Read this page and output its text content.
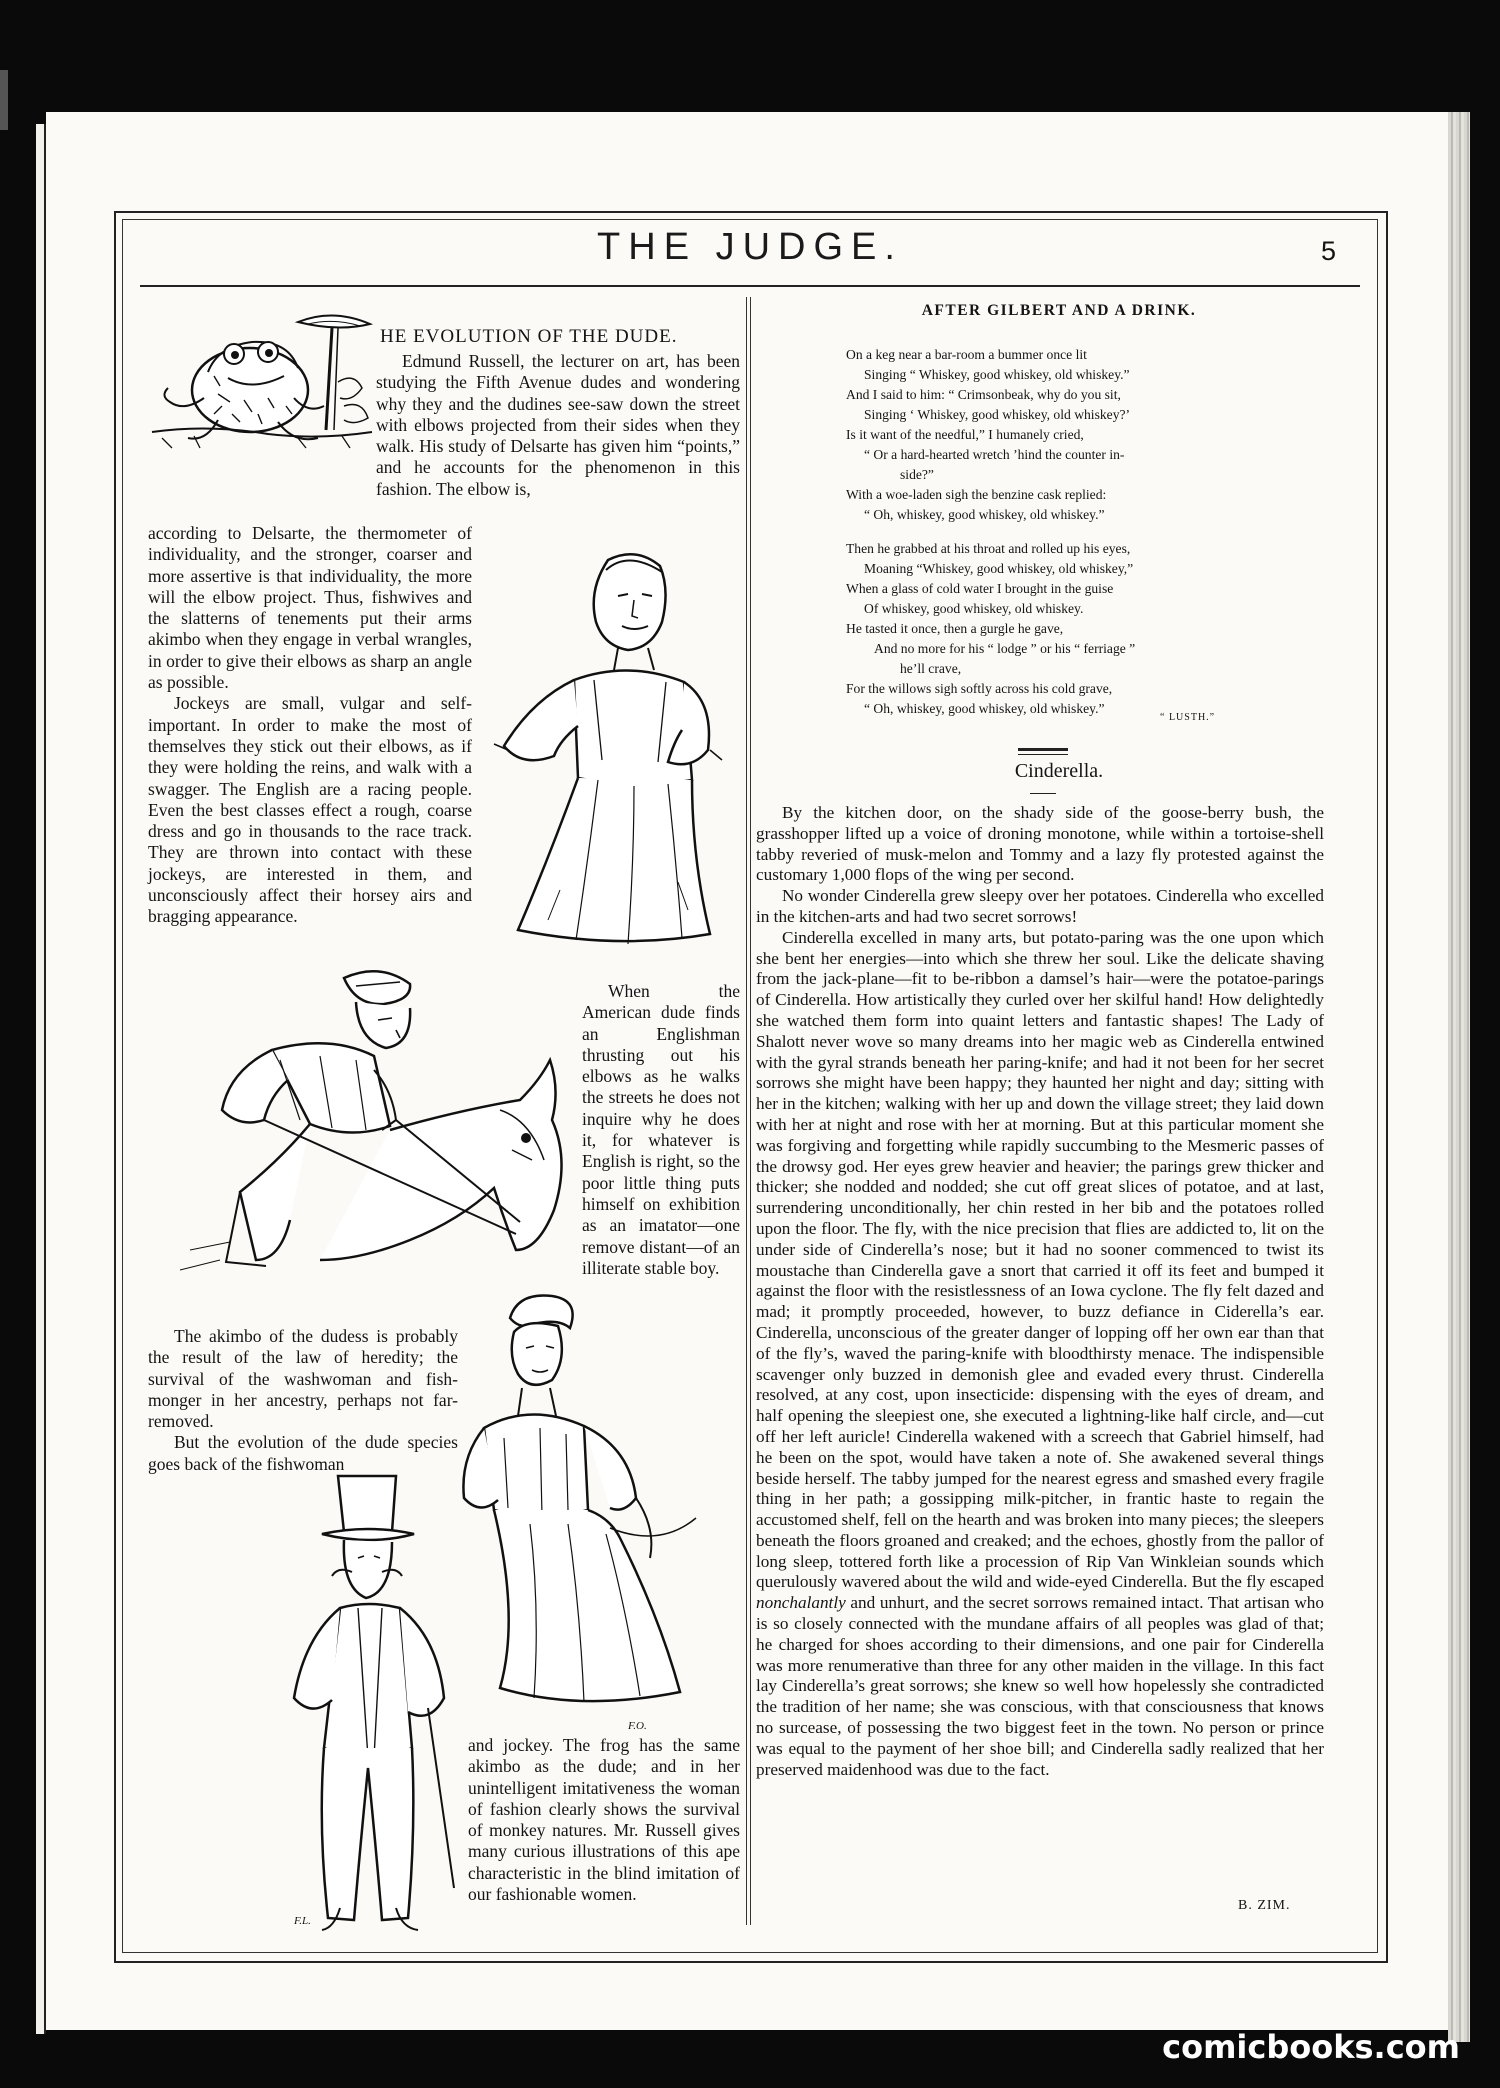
THE JUDGE.	5
HE EVOLUTION OF THE DUDE.

Edmund Russell, the lecturer on art, has been studying the Fifth Avenue dudes and wondering why they and the dudines see-saw down the street with elbows projected from their sides when they walk. His study of Delsarte has given him “points,” and he accounts for the phenomenon in this fashion. The elbow is,

according to Delsarte, the thermometer of individuality, and the stronger, coarser and more assertive is that individuality, the more will the elbow project. Thus, fishwives and the slatterns of tenements put their arms akimbo when they engage in verbal wrangles, in order to give their elbows as sharp an angle as possible.

Jockeys are small, vulgar and self-important. In order to make the most of themselves they stick out their elbows, as if they were holding the reins, and walk with a swagger. The English are a racing people. Even the best classes effect a rough, coarse dress and go in thousands to the race track. They are thrown into contact with these jockeys, are interested in them, and unconsciously affect their horsey airs and bragging appearance.

When the American dude finds an Englishman thrusting out his elbows as he walks the streets he does not inquire why he does it, for whatever is English is right, so the poor little thing puts himself on exhibition as an imatator—one remove distant—of an illiterate stable boy.

The akimbo of the dudess is probably the result of the law of heredity; the survival of the washwoman and fish-monger in her ancestry, perhaps not far-removed.

But the evolution of the dude species goes back of the fishwoman

F.O.
F.L.

and jockey. The frog has the same akimbo as the dude; and in her unintelligent imitativeness the woman of fashion clearly shows the survival of monkey natures. Mr. Russell gives many curious illustrations of this ape characteristic in the blind imitation of our fashionable women.

AFTER GILBERT AND A DRINK.
On a keg near a bar-room a bummer once lit
Singing “ Whiskey, good whiskey, old whiskey.”
And I said to him: “ Crimsonbeak, why do you sit,
Singing ‘ Whiskey, good whiskey, old whiskey?’
Is it want of the needful,” I humanely cried,
“ Or a hard-hearted wretch ’hind the counter in-
side?”
With a woe-laden sigh the benzine cask replied:
“ Oh, whiskey, good whiskey, old whiskey.”
Then he grabbed at his throat and rolled up his eyes,
Moaning “Whiskey, good whiskey, old whiskey,”
When a glass of cold water I brought in the guise
Of whiskey, good whiskey, old whiskey.
He tasted it once, then a gurgle he gave,
And no more for his “ lodge ” or his “ ferriage ”
he’ll crave,
For the willows sigh softly across his cold grave,
“ Oh, whiskey, good whiskey, old whiskey.”
“ LUSTH.”
Cinderella.

By the kitchen door, on the shady side of the goose-berry bush, the grasshopper lifted up a voice of droning monotone, while within a tortoise-shell tabby reveried of musk-melon and Tommy and a lazy fly protested against the customary 1,000 flops of the wing per second.

No wonder Cinderella grew sleepy over her potatoes. Cinderella who excelled in the kitchen-arts and had two secret sorrows!

Cinderella excelled in many arts, but potato-paring was the one upon which she bent her energies—into which she threw her soul. Like the delicate shaving from the jack-plane—fit to be-ribbon a damsel’s hair—were the potatoe-parings of Cinderella. How artistically they curled over her skilful hand! How delightedly she watched them form into quaint letters and fantastic shapes! The Lady of Shalott never wove so many dreams into her magic web as Cinderella entwined with the gyral strands beneath her paring-knife; and had it not been for her secret sorrows she might have been happy; they haunted her night and day; sitting with her in the kitchen; walking with her up and down the village street; they laid down with her at night and rose with her at morning. But at this particular moment she was forgiving and forgetting while rapidly succumbing to the Mesmeric passes of the drowsy god. Her eyes grew heavier and heavier; the parings grew thicker and thicker; she nodded and nodded; she cut off great slices of potatoe, and at last, surrendering unconditionally, her chin rested in her bib and the potatoes rolled upon the floor. The fly, with the nice precision that flies are addicted to, lit on the under side of Cinderella’s nose; but it had no sooner commenced to twist its moustache than Cinderella gave a snort that carried it off its feet and bumped it against the floor with the resistlessness of an Iowa cyclone. The fly felt dazed and mad; it promptly proceeded, however, to buzz defiance in Ciderella’s ear. Cinderella, unconscious of the greater danger of lopping off her own ear than that of the fly’s, waved the paring-knife with bloodthirsty menace. The indispensible scavenger only buzzed in demonish glee and evaded every thrust. Cinderella resolved, at any cost, upon insecticide: dispensing with the eyes of dream, and half opening the sleepiest one, she executed a lightning-like half circle, and—cut off her left auricle! Cinderella wakened with a screech that Gabriel himself, had he been on the spot, would have taken a note of. She awakened several things beside herself. The tabby jumped for the nearest egress and smashed every fragile thing in her path; a gossipping milk-pitcher, in frantic haste to regain the accustomed shelf, fell on the hearth and was broken into many pieces; the sleepers beneath the floors groaned and creaked; and the echoes, ghostly from the pallor of long sleep, tottered forth like a procession of Rip Van Winkleian sounds which querulously wavered about the wild and wide-eyed Cinderella. But the fly escaped nonchalantly and unhurt, and the secret sorrows remained intact. That artisan who is so closely connected with the mundane affairs of all peoples was glad of that; he charged for shoes according to their dimensions, and one pair for Cinderella was more renumerative than three for any other maiden in the village. In this fact lay Cinderella’s great sorrows; she knew so well how hopelessly she contradicted the tradition of her name; she was conscious, with that consciousness that knows no surcease, of possessing the two biggest feet in the town. No person or prince was equal to the payment of her shoe bill; and Cinderella sadly realized that her preserved maidenhood was due to the fact.

B. ZIM.
comicbooks.com
